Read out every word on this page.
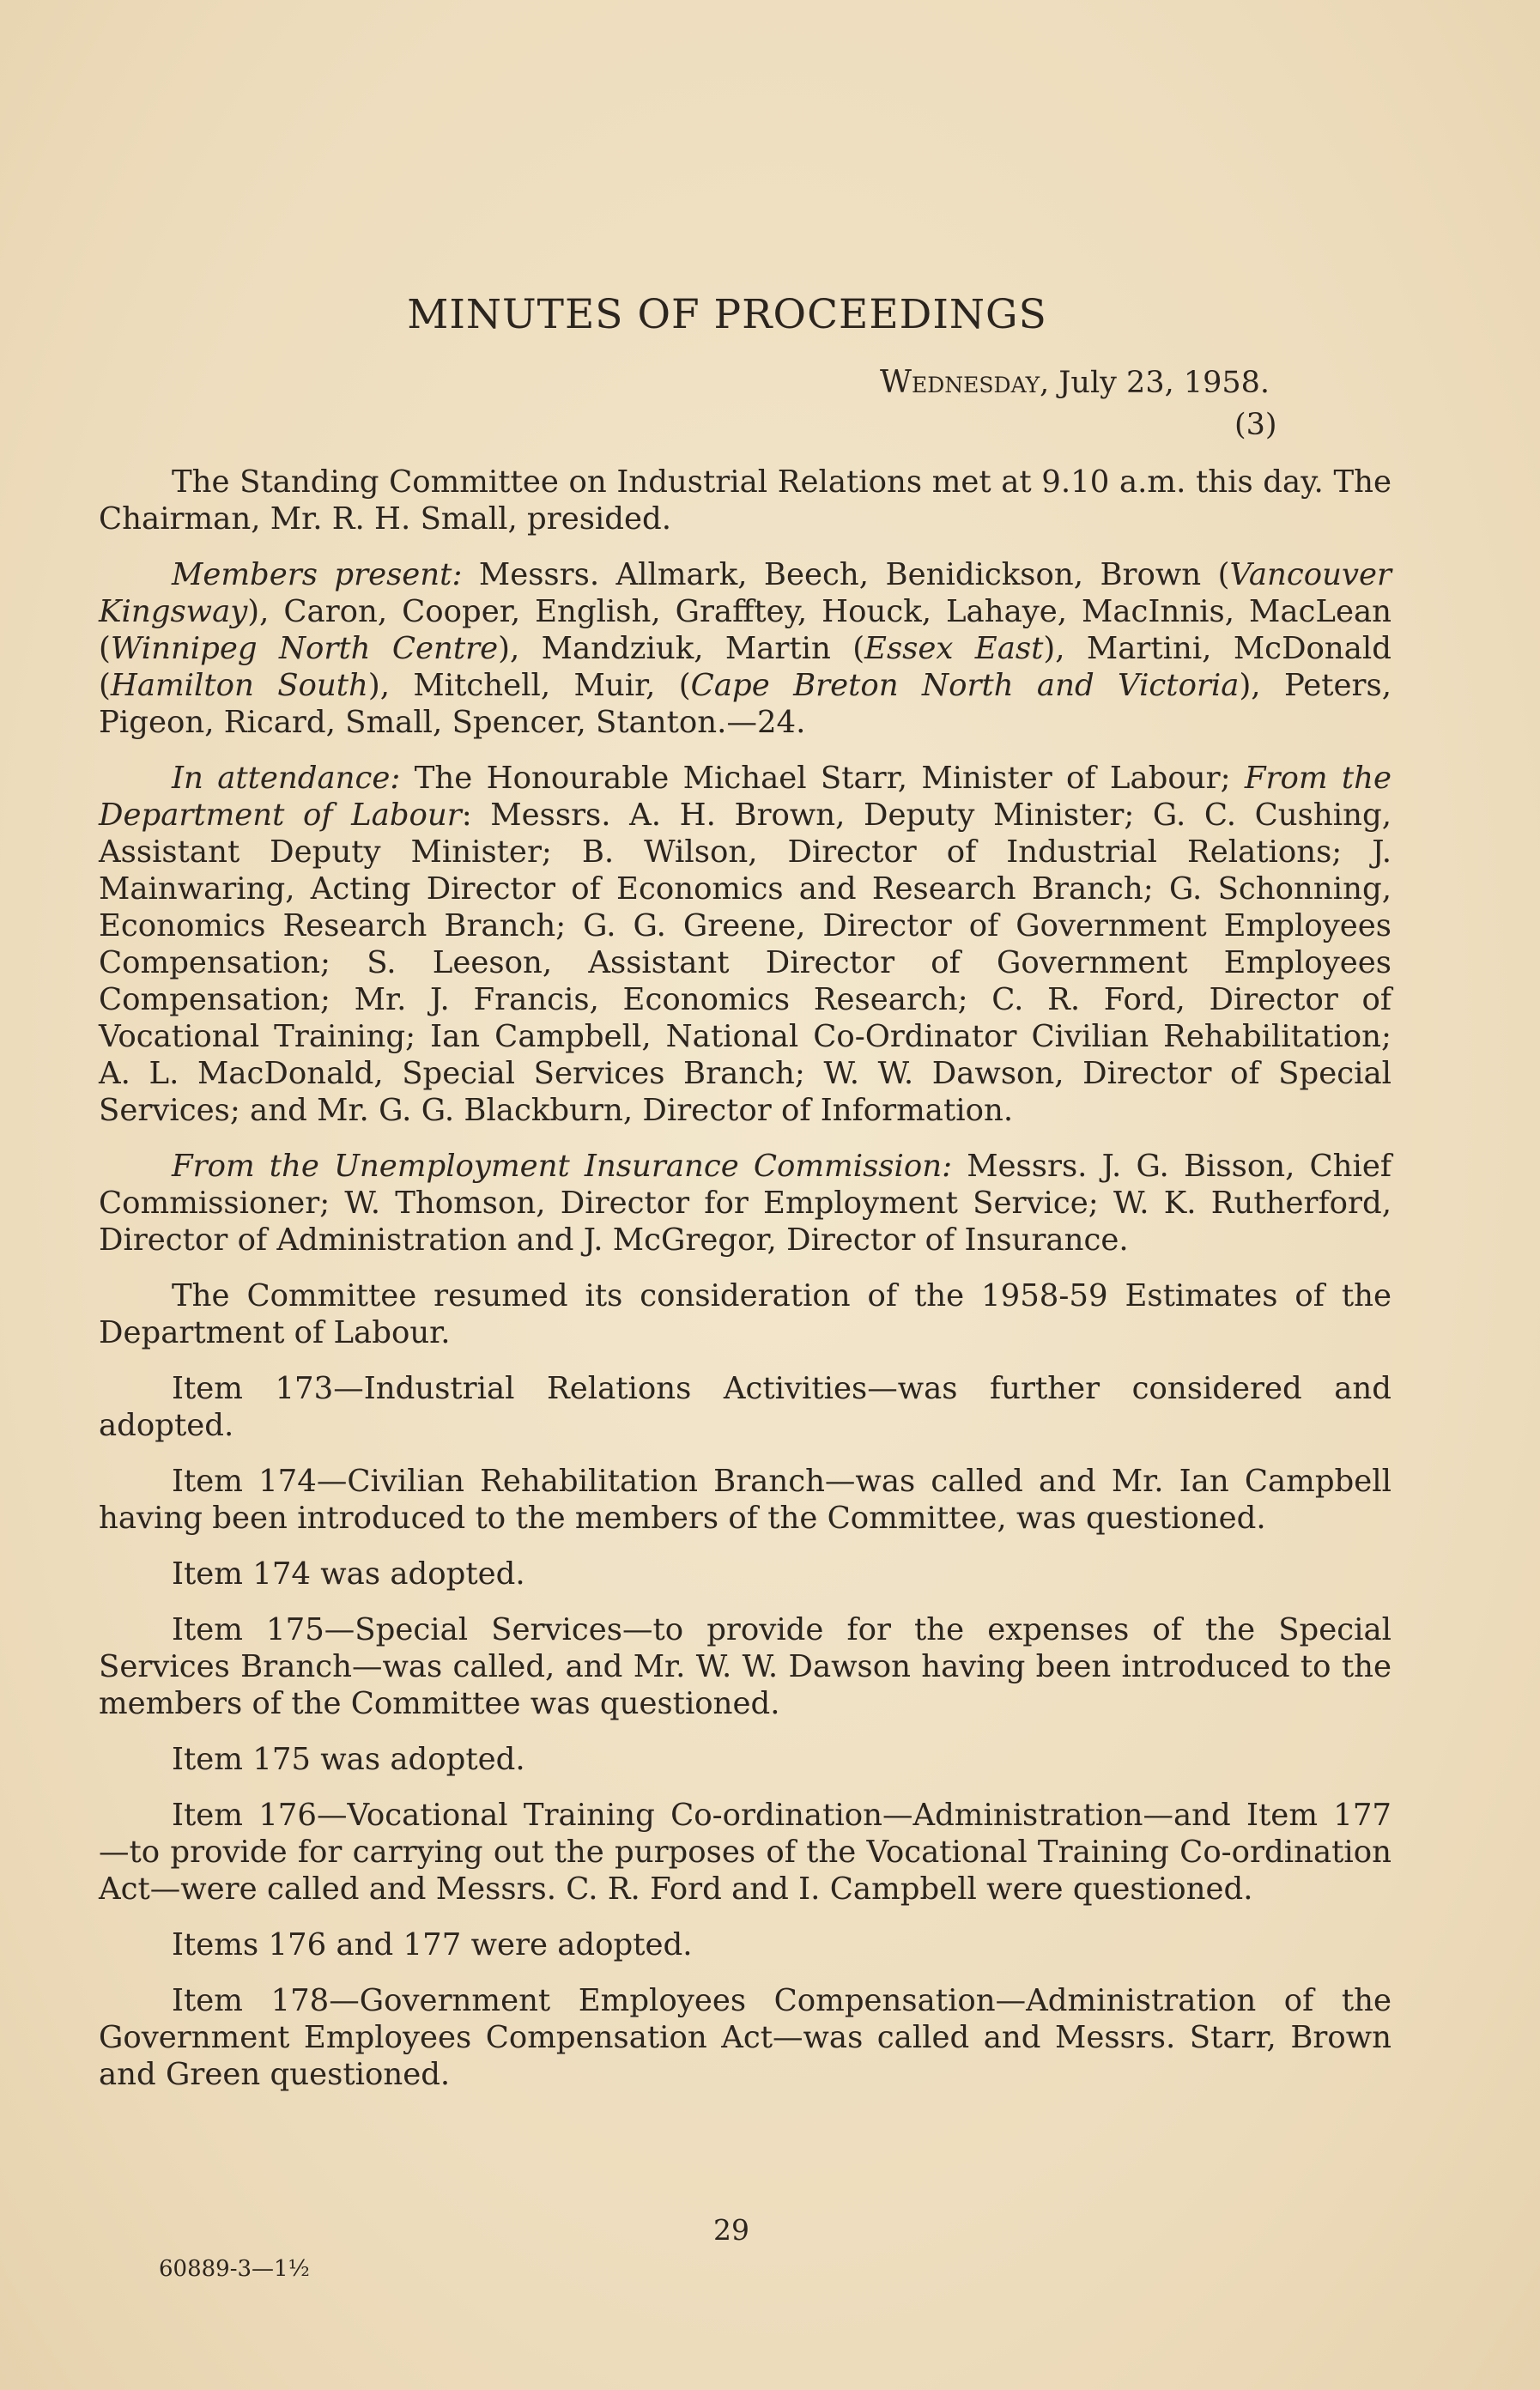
MINUTES OF PROCEEDINGS
Wednesday, July 23, 1958.
(3)

The Standing Committee on Industrial Relations met at 9.10 a.m. this day. The Chairman, Mr. R. H. Small, presided.

Members present: Messrs. Allmark, Beech, Benidickson, Brown (Vancouver Kingsway), Caron, Cooper, English, Grafftey, Houck, Lahaye, MacInnis, MacLean (Winnipeg North Centre), Mandziuk, Martin (Essex East), Martini, McDonald (Hamilton South), Mitchell, Muir, (Cape Breton North and Victoria), Peters, Pigeon, Ricard, Small, Spencer, Stanton.—24.

In attendance: The Honourable Michael Starr, Minister of Labour; From the Department of Labour: Messrs. A. H. Brown, Deputy Minister; G. C. Cushing, Assistant Deputy Minister; B. Wilson, Director of Industrial Relations; J. Mainwaring, Acting Director of Economics and Research Branch; G. Schonning, Economics Research Branch; G. G. Greene, Director of Government Employees Compensation; S. Leeson, Assistant Director of Government Employees Compensation; Mr. J. Francis, Economics Research; C. R. Ford, Director of Vocational Training; Ian Campbell, National Co-Ordinator Civilian Rehabilitation; A. L. MacDonald, Special Services Branch; W. W. Dawson, Director of Special Services; and Mr. G. G. Blackburn, Director of Information.

From the Unemployment Insurance Commission: Messrs. J. G. Bisson, Chief Commissioner; W. Thomson, Director for Employment Service; W. K. Rutherford, Director of Administration and J. McGregor, Director of Insurance.

The Committee resumed its consideration of the 1958-59 Estimates of the Department of Labour.

Item 173—Industrial Relations Activities—was further considered and adopted.

Item 174—Civilian Rehabilitation Branch—was called and Mr. Ian Campbell having been introduced to the members of the Committee, was questioned.

Item 174 was adopted.

Item 175—Special Services—to provide for the expenses of the Special Services Branch—was called, and Mr. W. W. Dawson having been introduced to the members of the Committee was questioned.

Item 175 was adopted.

Item 176—Vocational Training Co-ordination—Administration—and Item 177—to provide for carrying out the purposes of the Vocational Training Co-ordination Act—were called and Messrs. C. R. Ford and I. Campbell were questioned.

Items 176 and 177 were adopted.

Item 178—Government Employees Compensation—Administration of the Government Employees Compensation Act—was called and Messrs. Starr, Brown and Green questioned.

29
60889-3—1½
